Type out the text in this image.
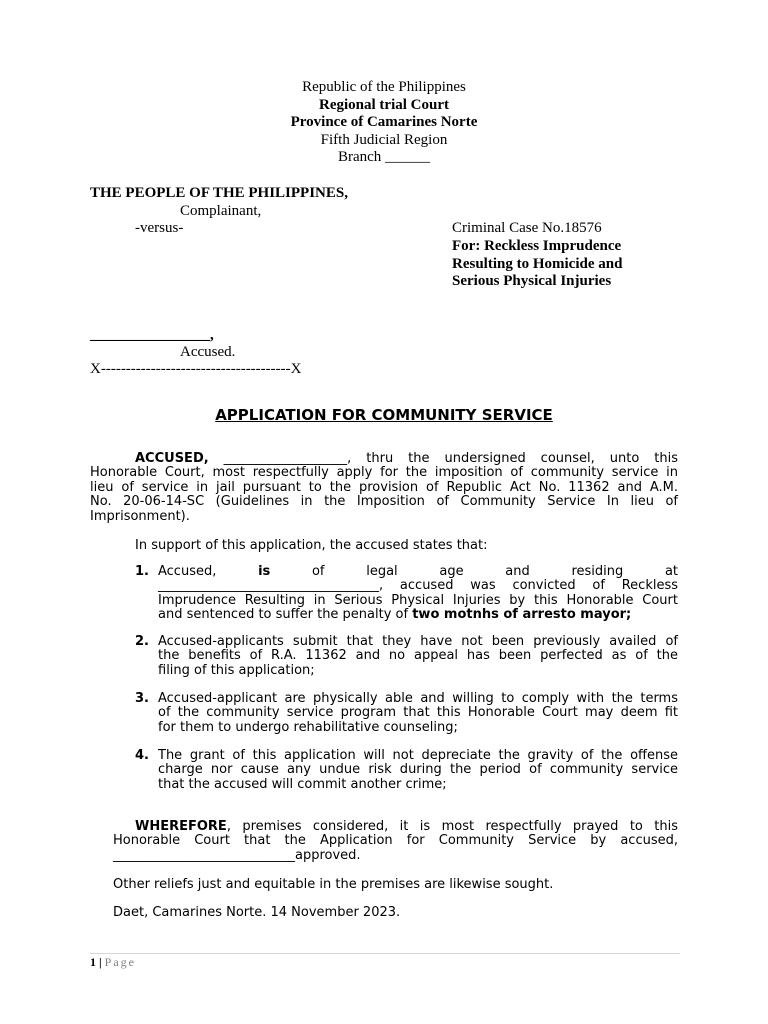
Republic of the Philippines
Regional trial Court
Province of Camarines Norte
Fifth Judicial Region
Branch ______
THE PEOPLE OF THE PHILIPPINES,
Complainant,
-versus-	Criminal Case No.18576
For: Reckless Imprudence
Resulting to Homicide and
Serious Physical Injuries
________________,
Accused.
X--------------------------------------X
APPLICATION FOR COMMUNITY SERVICE
ACCUSED, ___________________, thru the undersigned counsel, unto this
Honorable Court, most respectfully apply for the imposition of community service in
lieu of service in jail pursuant to the provision of Republic Act No. 11362 and A.M.
No. 20-06-14-SC (Guidelines in the Imposition of Community Service In lieu of
Imprisonment).
In support of this application, the accused states that:
1. Accused,	is	of	legal	age	and	residing	at
__________________________________, accused was convicted of Reckless
Imprudence Resulting in Serious Physical Injuries by this Honorable Court
and sentenced to suffer the penalty of two motnhs of arresto mayor;
2. Accused-applicants submit that they have not been previously availed of
the benefits of R.A. 11362 and no appeal has been perfected as of the
filing of this application;
3. Accused-applicant are physically able and willing to comply with the terms
of the community service program that this Honorable Court may deem fit
for them to undergo rehabilitative counseling;
4. The grant of this application will not depreciate the gravity of the offense
charge nor cause any undue risk during the period of community service
that the accused will commit another crime;
WHEREFORE, premises considered, it is most respectfully prayed to this
Honorable Court that the Application for Community Service by accused,
____________________________approved.
Other reliefs just and equitable in the premises are likewise sought.
Daet, Camarines Norte. 14 November 2023.
1 | Page
